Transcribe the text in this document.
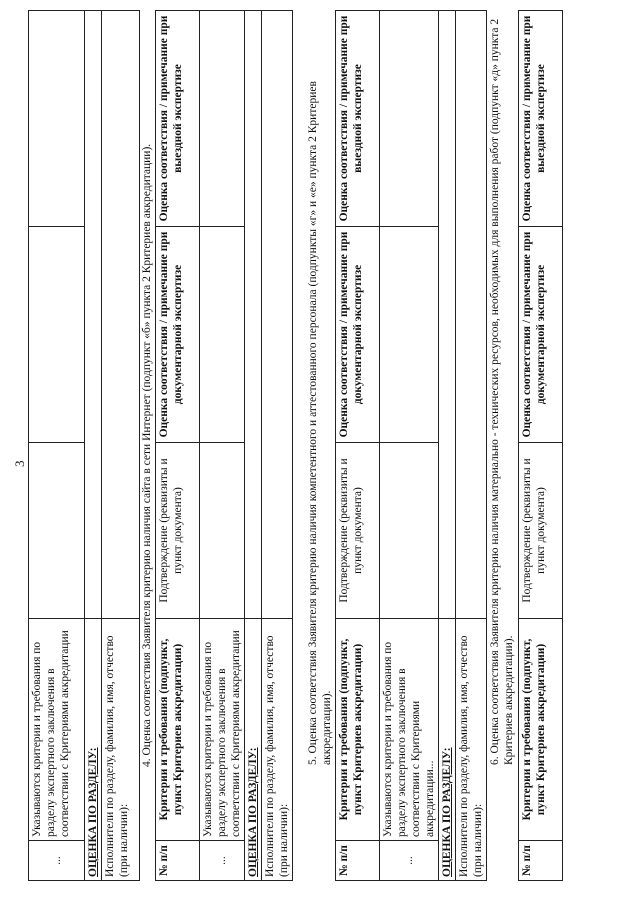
3
...	Указываются критерии и требования по разделу экспертного заключения в соответствии с Критериями аккредитации			
ОЦЕНКА ПО РАЗДЕЛУ:				
Исполнители по разделу, фамилия, имя, отчество (при наличии):				
4. Оценка соответствия Заявителя критерию наличия сайта в сети Интернет (подпункт «б» пункта 2 Критериев аккредитации).
№ п/п	Критерии и требования (подпункт, пункт Критериев аккредитации)	Подтверждение (реквизиты и пункт документа)	Оценка соответствия / примечание при документарной экспертизе	Оценка соответствия / примечание при выездной экспертизе
...	Указываются критерии и требования по разделу экспертного заключения в соответствии с Критериями аккредитации			
ОЦЕНКА ПО РАЗДЕЛУ:				
Исполнители по разделу, фамилия, имя, отчество (при наличии):				
5. Оценка соответствия Заявителя критерию наличия компетентного и аттестованного персонала (подпункты «г» и «е» пункта 2 Критериев аккредитации).
№ п/п	Критерии и требования (подпункт, пункт Критериев аккредитации)	Подтверждение (реквизиты и пункт документа)	Оценка соответствия / примечание при документарной экспертизе	Оценка соответствия / примечание при выездной экспертизе
...	Указываются критерии и требования по разделу экспертного заключения в соответствии с Критериями аккредитации...			
ОЦЕНКА ПО РАЗДЕЛУ:				
Исполнители по разделу, фамилия, имя, отчество (при наличии):				
6. Оценка соответствия Заявителя критерию наличия материально - технических ресурсов, необходимых для выполнения работ (подпункт «д» пункта 2 Критериев аккредитации).
№ п/п	Критерии и требования (подпункт, пункт Критериев аккредитации)	Подтверждение (реквизиты и пункт документа)	Оценка соответствия / примечание при документарной экспертизе	Оценка соответствия / примечание при выездной экспертизе
